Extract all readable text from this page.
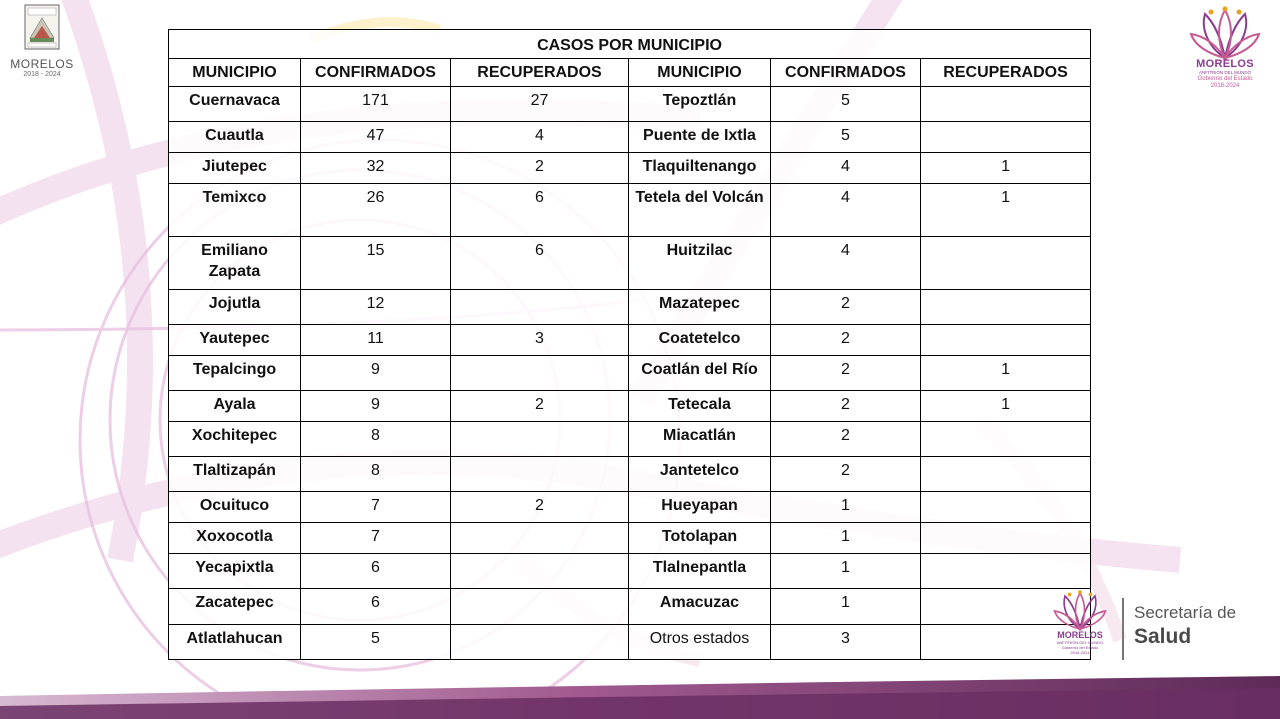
MORELOS
2018 - 2024
MORELOS
ANFITRIÓN DEL MUNDO
Gobierno del Estado
2018-2024
CASOS POR MUNICIPIO					
MUNICIPIO	CONFIRMADOS	RECUPERADOS	MUNICIPIO	CONFIRMADOS	RECUPERADOS
Cuernavaca	171	27	Tepoztlán	5	
Cuautla	47	4	Puente de Ixtla	5	
Jiutepec	32	2	Tlaquiltenango	4	1
Temixco	26	6	Tetela del Volcán	4	1
Emiliano Zapata	15	6	Huitzilac	4	
Jojutla	12		Mazatepec	2	
Yautepec	11	3	Coatetelco	2	
Tepalcingo	9		Coatlán del Río	2	1
Ayala	9	2	Tetecala	2	1
Xochitepec	8		Miacatlán	2	
Tlaltizapán	8		Jantetelco	2	
Ocuituco	7	2	Hueyapan	1	
Xoxocotla	7		Totolapan	1	
Yecapixtla	6		Tlalnepantla	1	
Zacatepec	6		Amacuzac	1	
Atlatlahucan	5		Otros estados	3		MORELOS
ANFITRIÓN DEL MUNDO
Gobierno del Estado
2018-2024
Secretaría de
Salud
